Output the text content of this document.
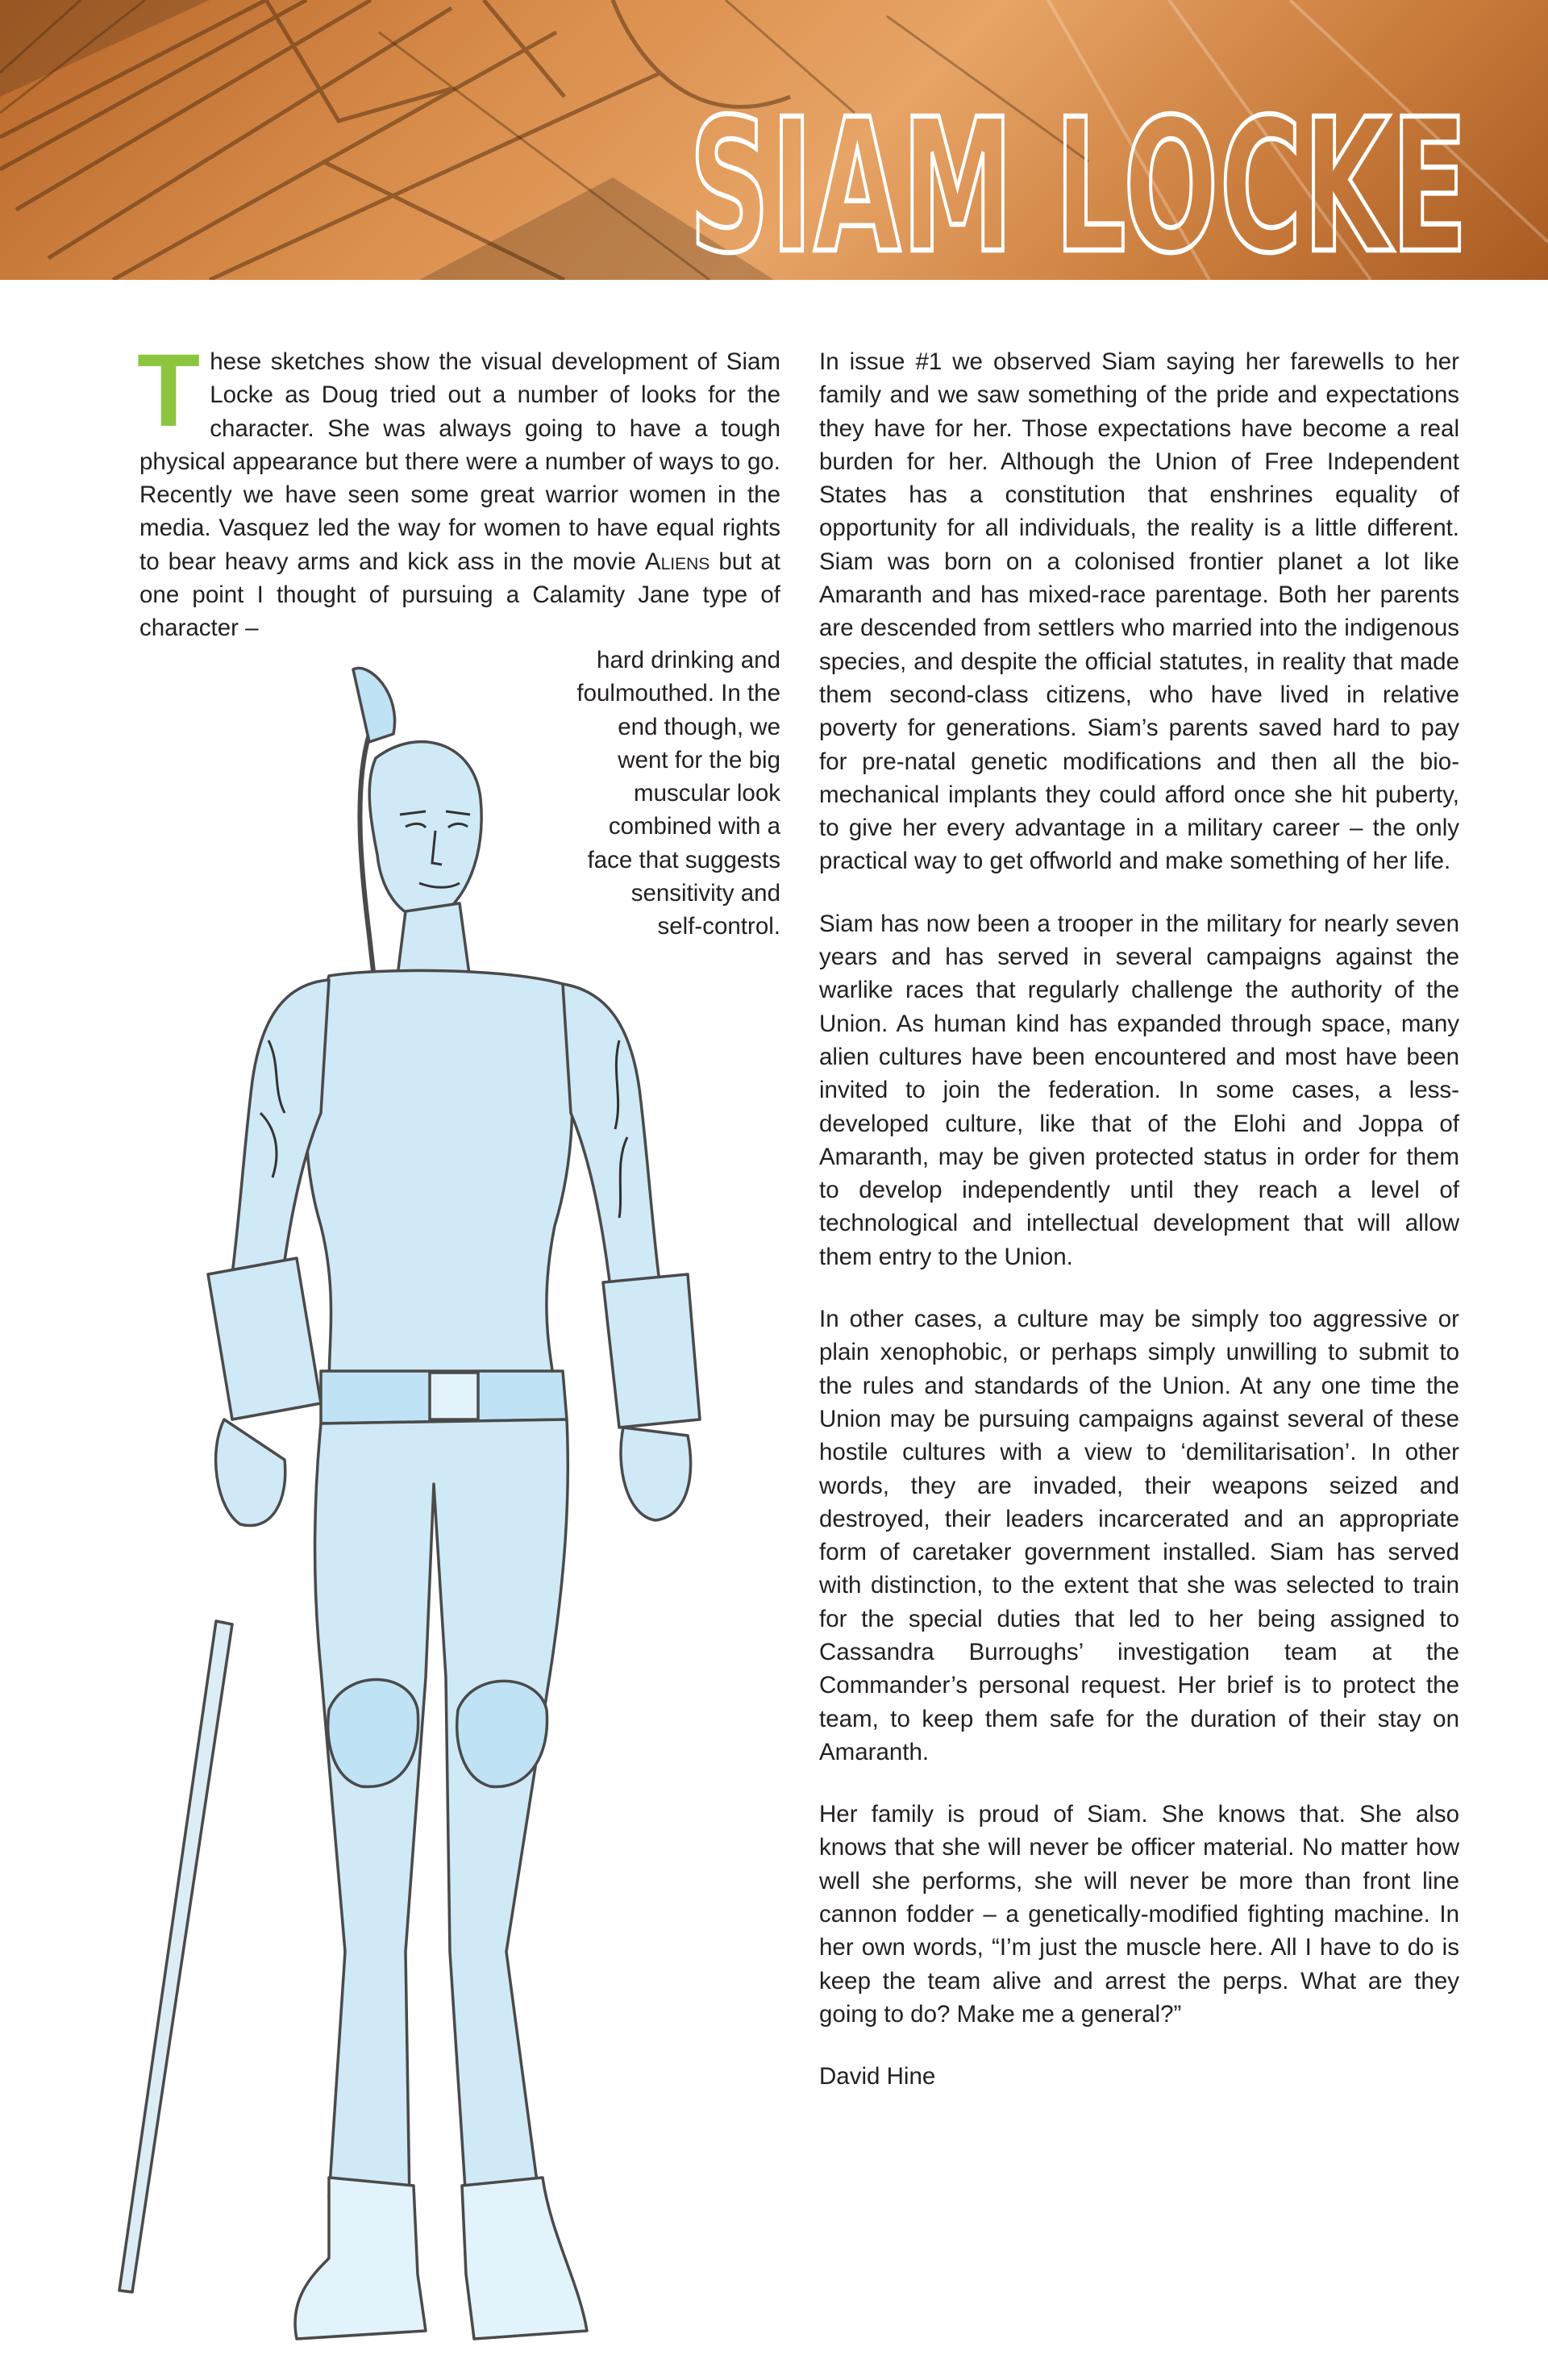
SIAM LOCKE
These sketches show the visual development of Siam Locke as Doug tried out a number of looks for the character. She was always going to have a tough physical appearance but there were a number of ways to go. Recently we have seen some great warrior women in the media. Vasquez led the way for women to have equal rights to bear heavy arms and kick ass in the movie Aliens but at one point I thought of pursuing a Calamity Jane type of character –
hard drinking and
foulmouthed. In the
end though, we
went for the big
muscular look
combined with a
face that suggests
sensitivity and
self-control.

In issue #1 we observed Siam saying her farewells to her family and we saw something of the pride and expectations they have for her. Those expectations have become a real burden for her. Although the Union of Free Independent States has a constitution that enshrines equality of opportunity for all individuals, the reality is a little different. Siam was born on a colonised frontier planet a lot like Amaranth and has mixed-race parentage. Both her parents are descended from settlers who married into the indigenous species, and despite the official statutes, in reality that made them second-class citizens, who have lived in relative poverty for generations. Siam’s parents saved hard to pay for pre-natal genetic modifications and then all the bio-mechanical implants they could afford once she hit puberty, to give her every advantage in a military career – the only practical way to get offworld and make something of her life.

Siam has now been a trooper in the military for nearly seven years and has served in several campaigns against the warlike races that regularly challenge the authority of the Union. As human kind has expanded through space, many alien cultures have been encountered and most have been invited to join the federation. In some cases, a less-developed culture, like that of the Elohi and Joppa of Amaranth, may be given protected status in order for them to develop independently until they reach a level of technological and intellectual development that will allow them entry to the Union.

In other cases, a culture may be simply too aggressive or plain xenophobic, or perhaps simply unwilling to submit to the rules and standards of the Union. At any one time the Union may be pursuing campaigns against several of these hostile cultures with a view to ‘demilitarisation’. In other words, they are invaded, their weapons seized and destroyed, their leaders incarcerated and an appropriate form of caretaker government installed. Siam has served with distinction, to the extent that she was selected to train for the special duties that led to her being assigned to Cassandra Burroughs’ investigation team at the Commander’s personal request. Her brief is to protect the team, to keep them safe for the duration of their stay on Amaranth.

Her family is proud of Siam. She knows that. She also knows that she will never be officer material. No matter how well she performs, she will never be more than front line cannon fodder – a genetically-modified fighting machine. In her own words, “I’m just the muscle here. All I have to do is keep the team alive and arrest the perps. What are they going to do? Make me a general?”

David Hine
